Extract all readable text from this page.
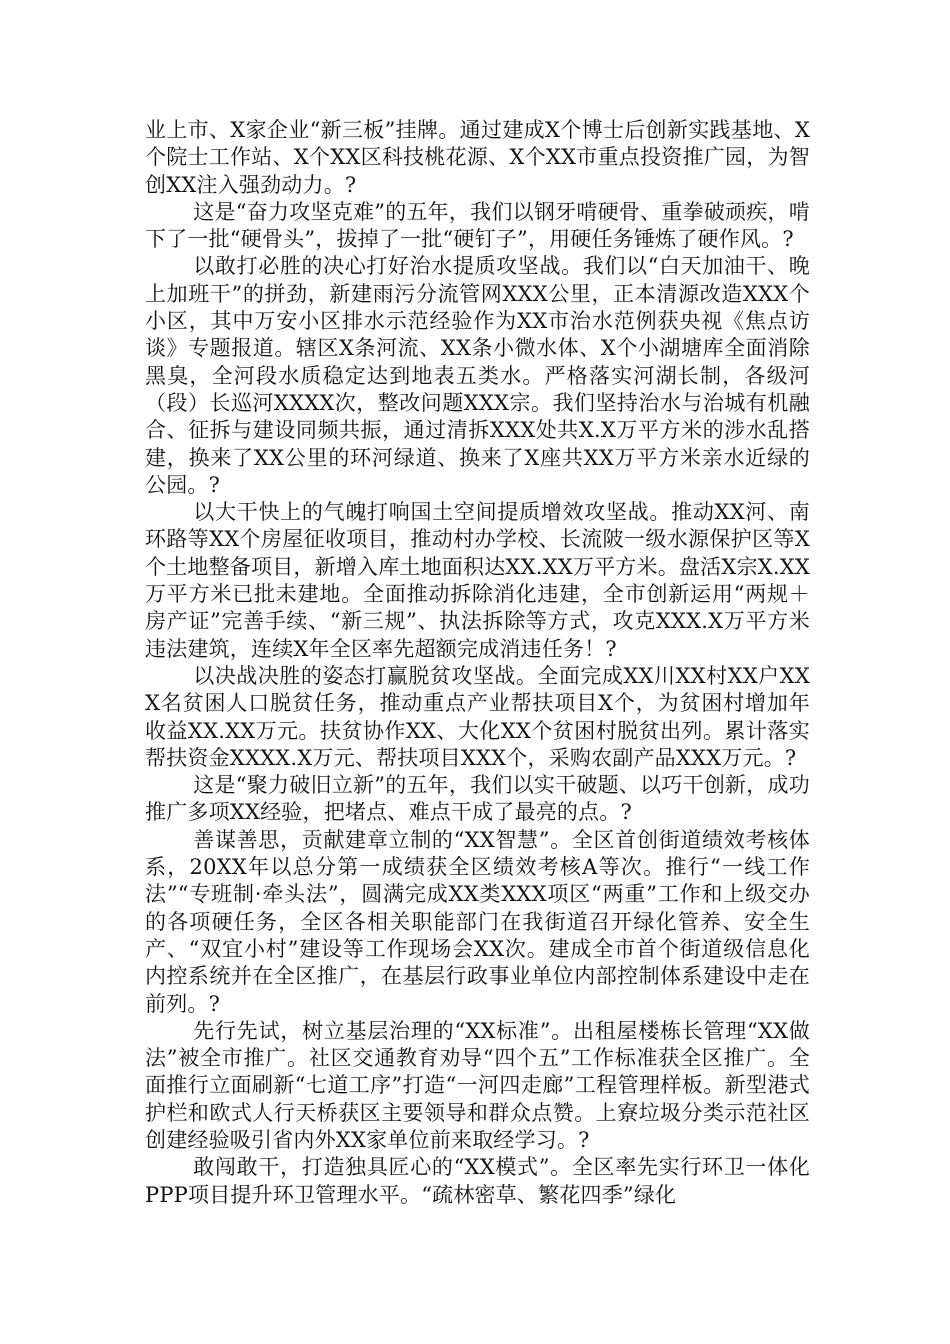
业上市、X家企业“新三板”挂牌。通过建成X个博士后创新实践基地、X个院士工作站、X个XX区科技桃花源、X个XX市重点投资推广园，为智创XX注入强劲动力。?

这是“奋力攻坚克难”的五年，我们以钢牙啃硬骨、重拳破顽疾，啃下了一批“硬骨头”，拔掉了一批“硬钉子”，用硬任务锤炼了硬作风。?

以敢打必胜的决心打好治水提质攻坚战。我们以“白天加油干、晚上加班干”的拼劲，新建雨污分流管网XXX公里，正本清源改造XXX个小区，其中万安小区排水示范经验作为XX市治水范例获央视《焦点访谈》专题报道。辖区X条河流、XX条小微水体、X个小湖塘库全面消除黑臭，全河段水质稳定达到地表五类水。严格落实河湖长制，各级河（段）长巡河XXXX次，整改问题XXX宗。我们坚持治水与治城有机融合、征拆与建设同频共振，通过清拆XXX处共X.X万平方米的涉水乱搭建，换来了XX公里的环河绿道、换来了X座共XX万平方米亲水近绿的公园。?

以大干快上的气魄打响国土空间提质增效攻坚战。推动XX河、南环路等XX个房屋征收项目，推动村办学校、长流陂一级水源保护区等X个土地整备项目，新增入库土地面积达XX.XX万平方米。盘活X宗X.XX万平方米已批未建地。全面推动拆除消化违建，全市创新运用“两规＋房产证”完善手续、“新三规”、执法拆除等方式，攻克XXX.X万平方米违法建筑，连续X年全区率先超额完成消违任务！?

以决战决胜的姿态打赢脱贫攻坚战。全面完成XX川XX村XX户XXX名贫困人口脱贫任务，推动重点产业帮扶项目X个，为贫困村增加年收益XX.XX万元。扶贫协作XX、大化XX个贫困村脱贫出列。累计落实帮扶资金XXXX.X万元、帮扶项目XXX个，采购农副产品XXX万元。?

这是“聚力破旧立新”的五年，我们以实干破题、以巧干创新，成功推广多项XX经验，把堵点、难点干成了最亮的点。?

善谋善思，贡献建章立制的“XX智慧”。全区首创街道绩效考核体系，20XX年以总分第一成绩获全区绩效考核A等次。推行“一线工作法”“专班制·牵头法”，圆满完成XX类XXX项区“两重”工作和上级交办的各项硬任务，全区各相关职能部门在我街道召开绿化管养、安全生产、“双宜小村”建设等工作现场会XX次。建成全市首个街道级信息化内控系统并在全区推广，在基层行政事业单位内部控制体系建设中走在前列。?

先行先试，树立基层治理的“XX标准”。出租屋楼栋长管理“XX做法”被全市推广。社区交通教育劝导“四个五”工作标准获全区推广。全面推行立面刷新“七道工序”打造“一河四走廊”工程管理样板。新型港式护栏和欧式人行天桥获区主要领导和群众点赞。上寮垃圾分类示范社区创建经验吸引省内外XX家单位前来取经学习。?

敢闯敢干，打造独具匠心的“XX模式”。全区率先实行环卫一体化PPP项目提升环卫管理水平。“疏林密草、繁花四季”绿化
